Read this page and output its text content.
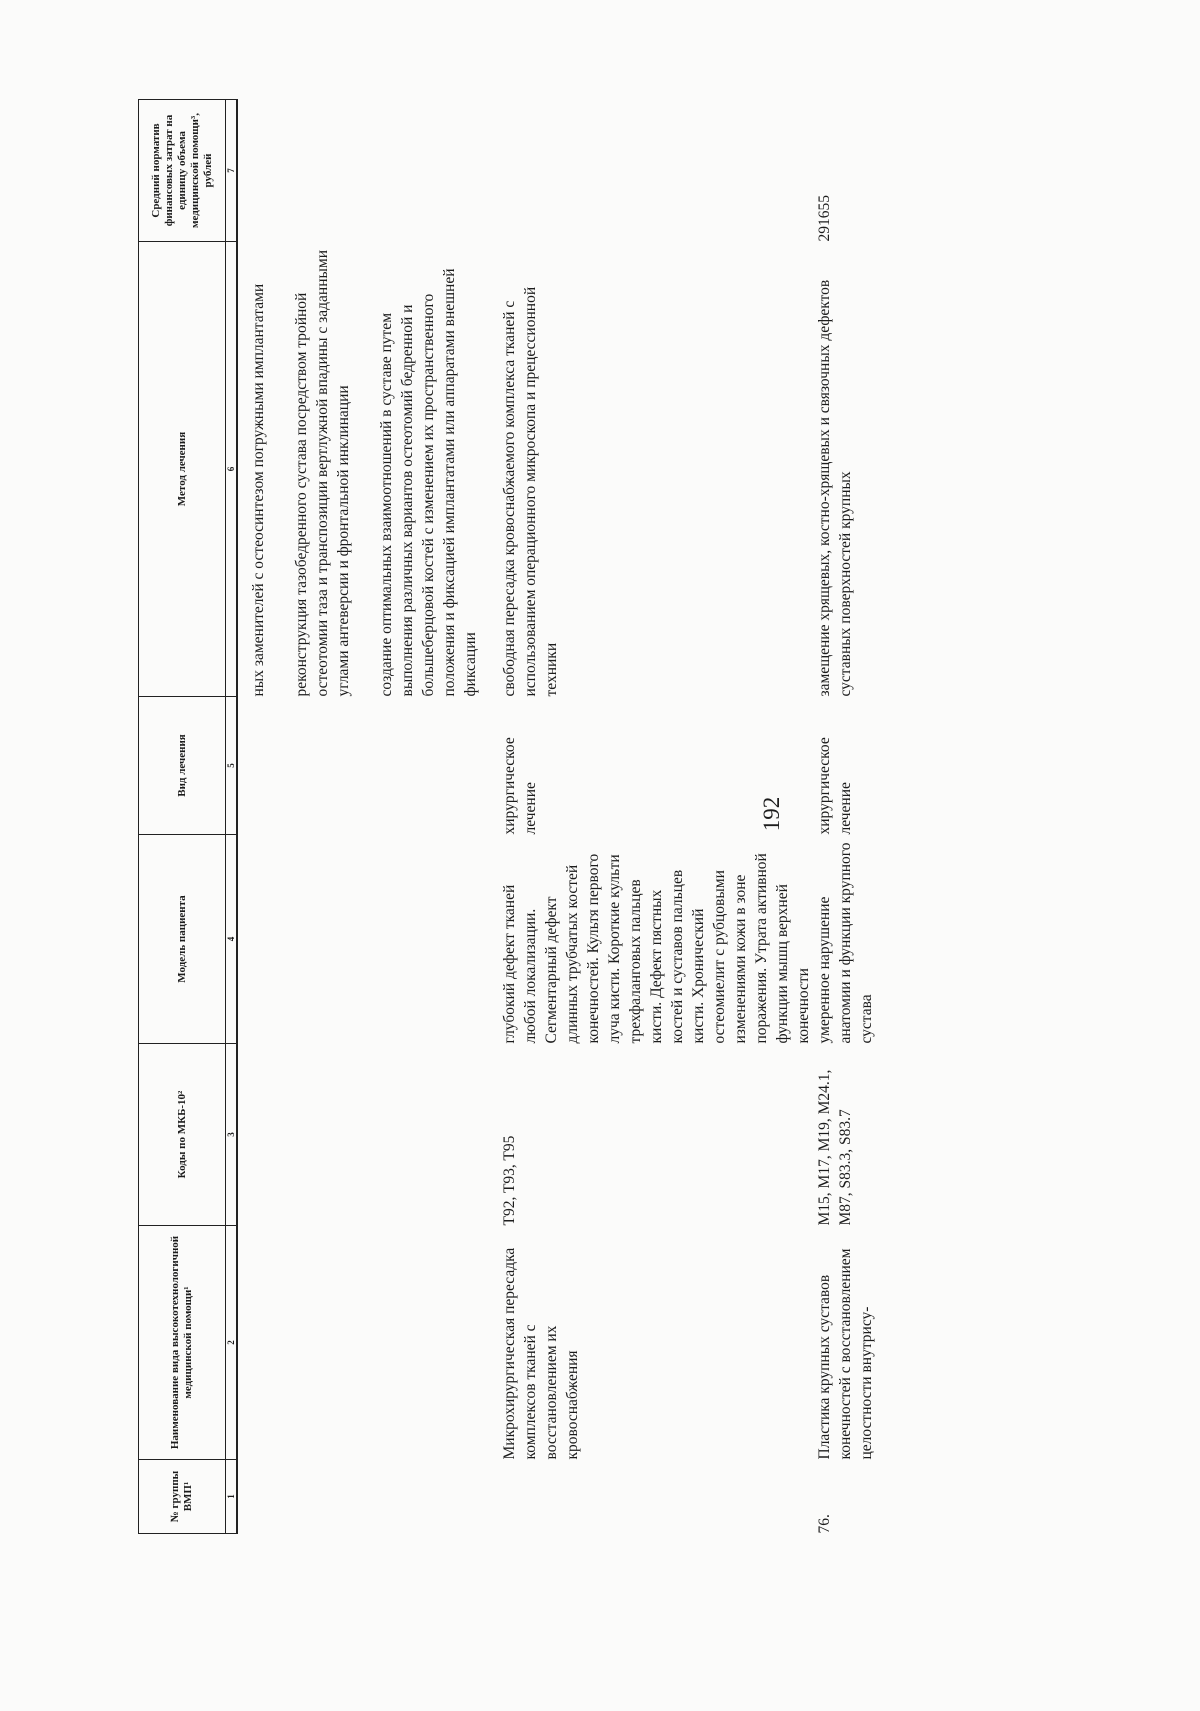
192
№ группы ВМП¹	Наименование вида высокотехнологичной медицинской помощи¹	Коды по МКБ-10²	Модель пациента	Вид лечения	Метод лечения	Средний норматив финансовых затрат на единицу объема медицинской помощи³, рублей
1	2	3	4	5	6	7

					ных заменителей с остеосинтезом погружными имплантатами реконструкция тазобедренного сустава посредством тройной остеотомии таза и транспозиции вертлужной впадины с заданными углами антеверсии и фронтальной инклинации создание оптимальных взаимоотношений в суставе путем выполнения различных вариантов остеотомий бедренной и большеберцовой костей с изменением их пространственного положения и фиксацией имплантатами или аппаратами внешней фиксации	

	Микрохирургическая пересадка комплексов тканей с восстановлением их кровоснабжения	T92, T93, T95	глубокий дефект тканей любой локализации. Сегментарный дефект длинных трубчатых костей конечностей. Культя первого луча кисти. Короткие культи трехфаланговых пальцев кисти. Дефект пястных костей и суставов пальцев кисти. Хронический остеомиелит с рубцовыми изменениями кожи в зоне поражения. Утрата активной функции мышц верхней конечности	хирургическое лечение	свободная пересадка кровоснабжаемого комплекса тканей с использованием операционного микроскопа и прецессионной техники	
76.	Пластика крупных суставов конечностей с восстановлением целостности внутрису-	M15, M17, M19, M24.1, M87, S83.3, S83.7	умеренное нарушение анатомии и функции крупного сустава	хирургическое лечение	замещение хрящевых, костно-хрящевых и связочных дефектов суставных поверхностей крупных	291655
